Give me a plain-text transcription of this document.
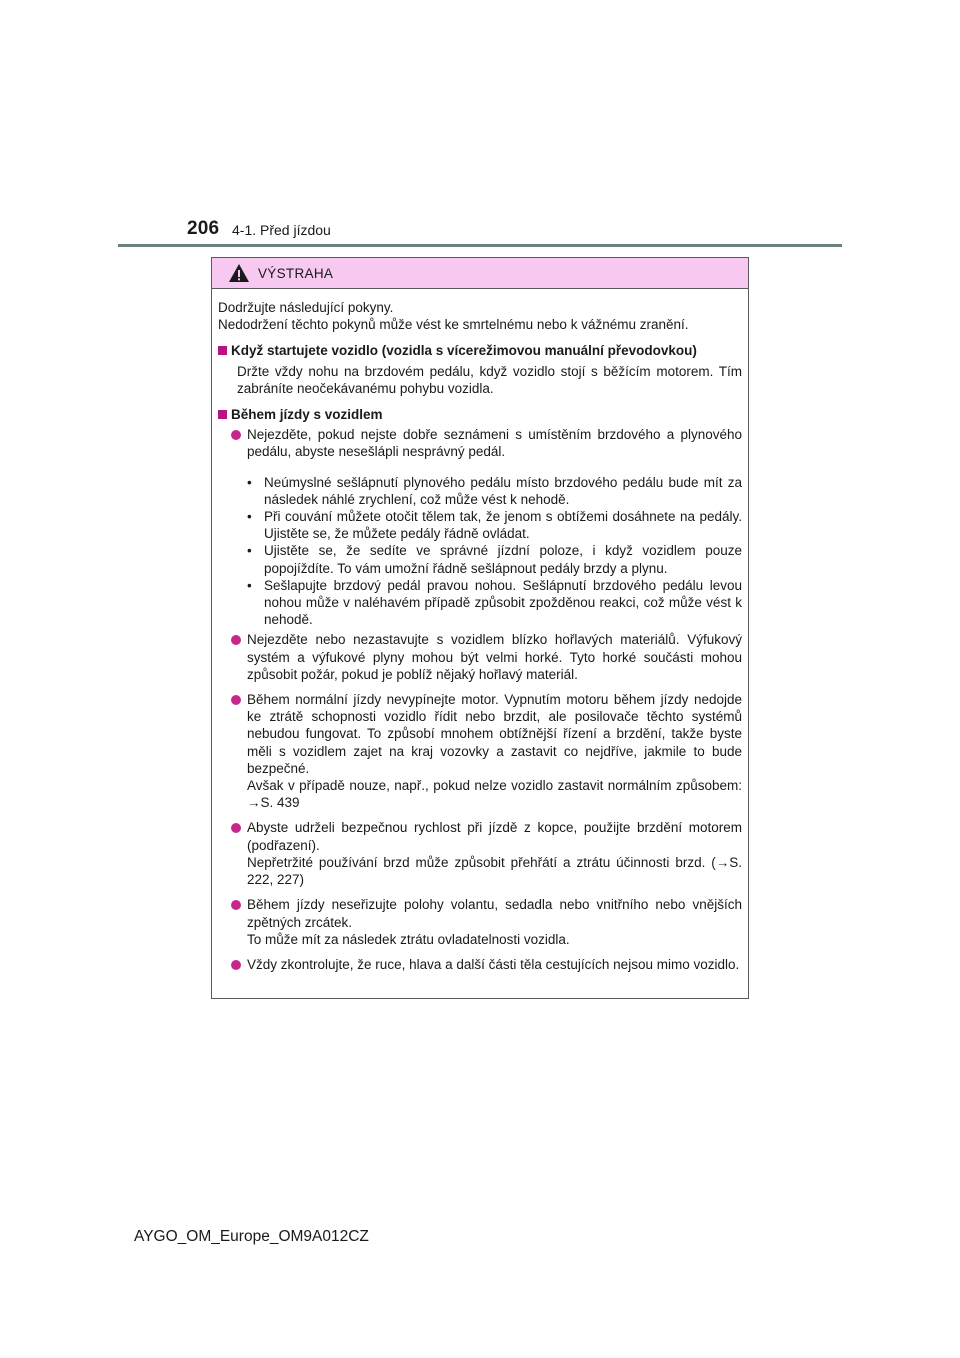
206 4-1. Před jízdou
VÝSTRAHA

Dodržujte následující pokyny.

Nedodržení těchto pokynů může vést ke smrtelnému nebo k vážnému zranění.

Když startujete vozidlo (vozidla s vícerežimovou manuální převodovkou)

Držte vždy nohu na brzdovém pedálu, když vozidlo stojí s běžícím motorem. Tím zabráníte neočekávanému pohybu vozidla.

Během jízdy s vozidlem
Nejezděte, pokud nejste dobře seznámeni s umístěním brzdového a plynového pedálu, abyste nesešlápli nesprávný pedál.
• Neúmyslné sešlápnutí plynového pedálu místo brzdového pedálu bude mít za následek náhlé zrychlení, což může vést k nehodě.
• Při couvání můžete otočit tělem tak, že jenom s obtížemi dosáhnete na pedály. Ujistěte se, že můžete pedály řádně ovládat.
• Ujistěte se, že sedíte ve správné jízdní poloze, i když vozidlem pouze popojíždíte. To vám umožní řádně sešlápnout pedály brzdy a plynu.
• Sešlapujte brzdový pedál pravou nohou. Sešlápnutí brzdového pedálu levou nohou může v naléhavém případě způsobit zpožděnou reakci, což může vést k nehodě.
Nejezděte nebo nezastavujte s vozidlem blízko hořlavých materiálů. Výfukový systém a výfukové plyny mohou být velmi horké. Tyto horké součásti mohou způsobit požár, pokud je poblíž nějaký hořlavý materiál.
Během normální jízdy nevypínejte motor. Vypnutím motoru během jízdy nedojde ke ztrátě schopnosti vozidlo řídit nebo brzdit, ale posilovače těchto systémů nebudou fungovat. To způsobí mnohem obtížnější řízení a brzdění, takže byste měli s vozidlem zajet na kraj vozovky a zastavit co nejdříve, jakmile to bude bezpečné.
Avšak v případě nouze, např., pokud nelze vozidlo zastavit normálním způsobem: →S. 439
Abyste udrželi bezpečnou rychlost při jízdě z kopce, použijte brzdění motorem (podřazení).
Nepřetržité používání brzd může způsobit přehřátí a ztrátu účinnosti brzd. (→S. 222, 227)
Během jízdy neseřizujte polohy volantu, sedadla nebo vnitřního nebo vnějších zpětných zrcátek.
To může mít za následek ztrátu ovladatelnosti vozidla.
Vždy zkontrolujte, že ruce, hlava a další části těla cestujících nejsou mimo vozidlo.
AYGO_OM_Europe_OM9A012CZ
